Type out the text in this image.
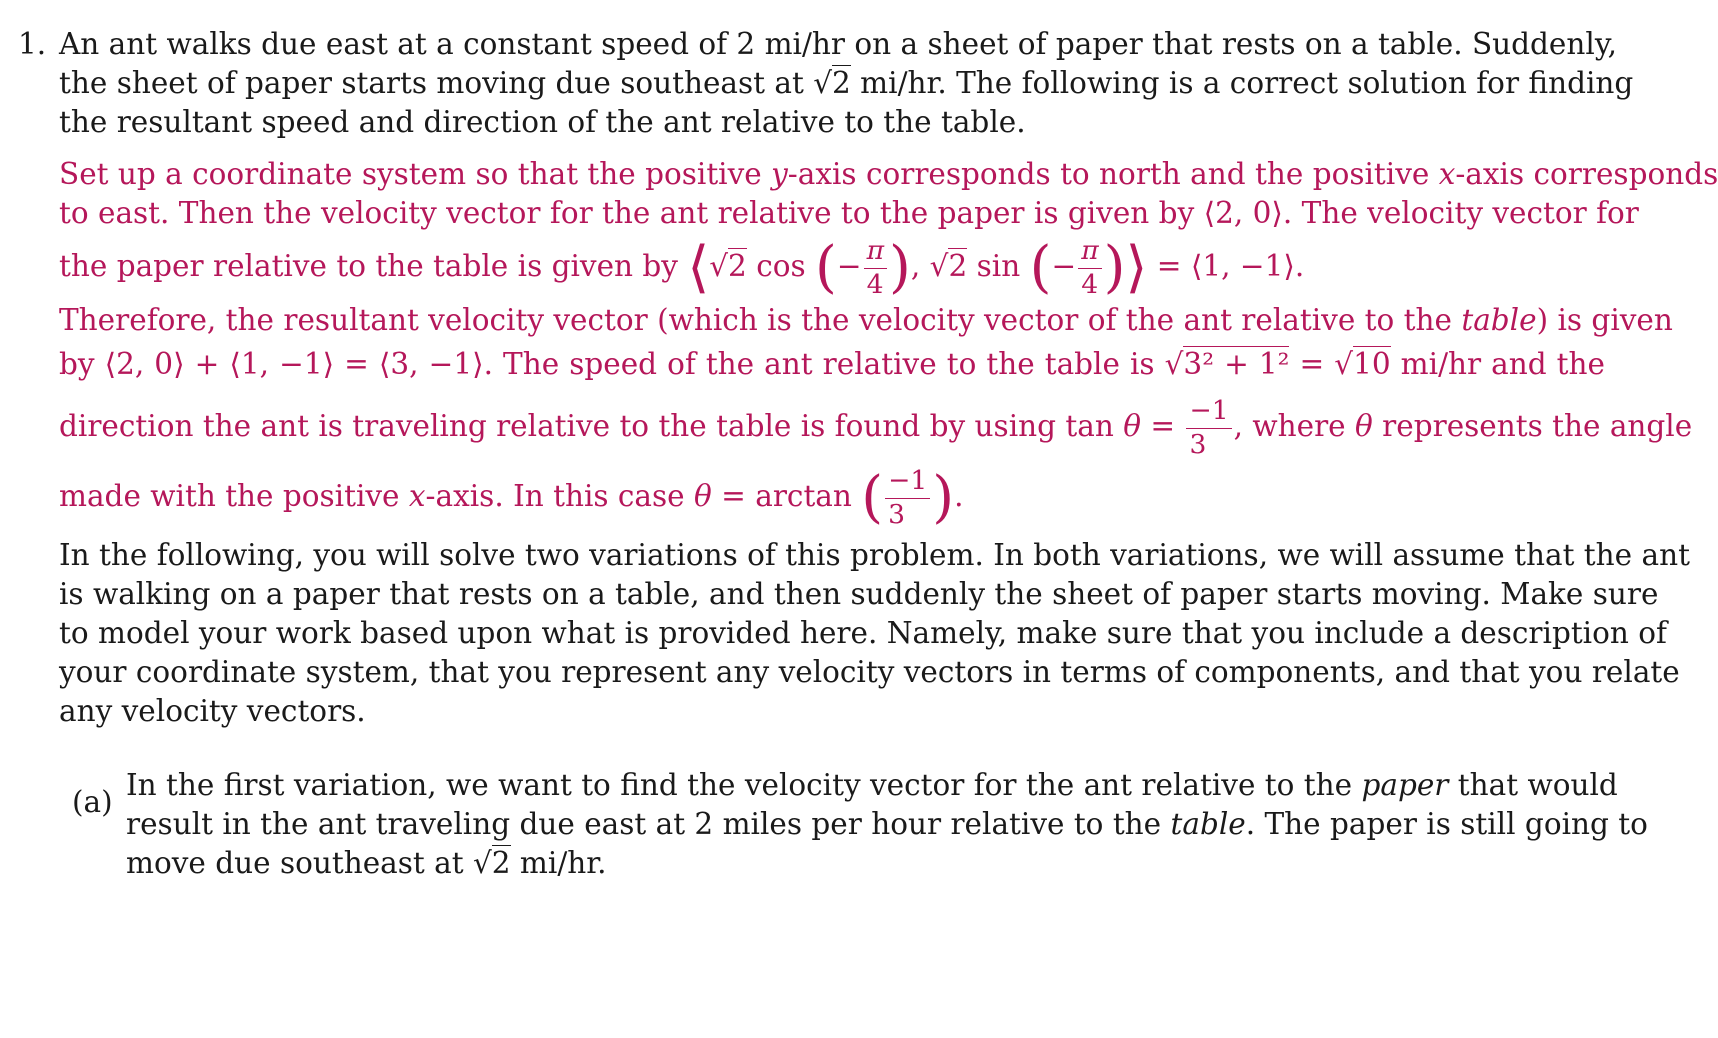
1. An ant walks due east at a constant speed of 2 mi/hr on a sheet of paper that rests on a table. Suddenly,
the sheet of paper starts moving due southeast at √2 mi/hr. The following is a correct solution for finding
the resultant speed and direction of the ant relative to the table.
Set up a coordinate system so that the positive y-axis corresponds to north and the positive x-axis corresponds
to east. Then the velocity vector for the ant relative to the paper is given by ⟨2, 0⟩. The velocity vector for
the paper relative to the table is given by ⟨√2 cos (− $\frac{\pi}{4}$ ), √2 sin (− $\frac{\pi}{4}$ )⟩ = ⟨1, −1⟩.
Therefore, the resultant velocity vector (which is the velocity vector of the ant relative to the table) is given
by ⟨2, 0⟩ + ⟨1, −1⟩ = ⟨3, −1⟩. The speed of the ant relative to the table is √3² + 1² = √10 mi/hr and the
direction the ant is traveling relative to the table is found by using $\tan \theta = \frac{-1}{3}$ , where θ represents the angle
made with the positive x-axis. In this case θ = arctan ( $\frac{-1}{3}$ ).
In the following, you will solve two variations of this problem. In both variations, we will assume that the ant
is walking on a paper that rests on a table, and then suddenly the sheet of paper starts moving. Make sure
to model your work based upon what is provided here. Namely, make sure that you include a description of
your coordinate system, that you represent any velocity vectors in terms of components, and that you relate
any velocity vectors.
(a) In the first variation, we want to find the velocity vector for the ant relative to the paper that would
result in the ant traveling due east at 2 miles per hour relative to the table. The paper is still going to
move due southeast at √2 mi/hr.
